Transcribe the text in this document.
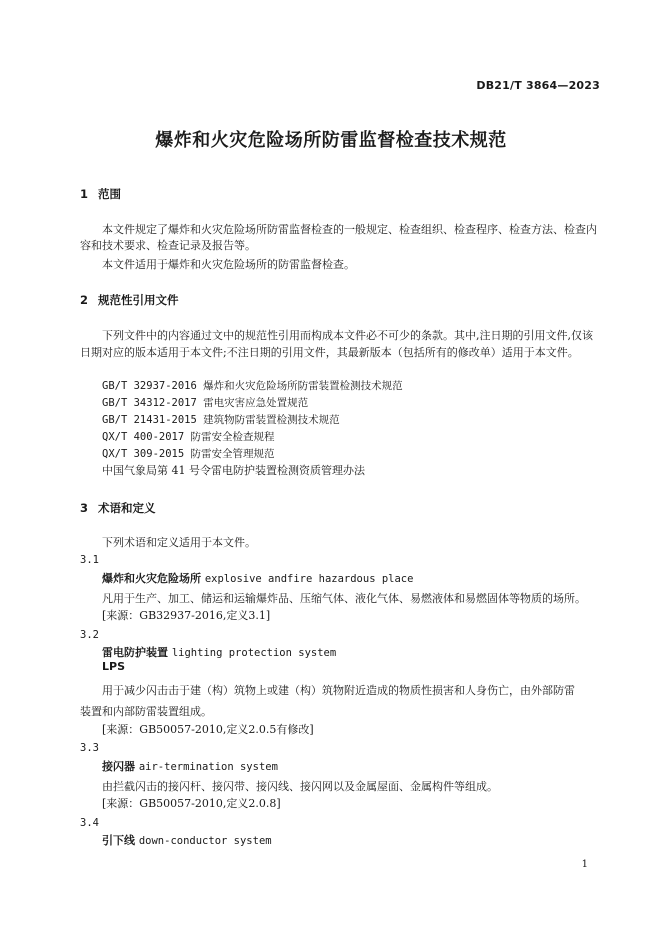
DB21/T 3864—2023
爆炸和火灾危险场所防雷监督检查技术规范
1 范围
本文件规定了爆炸和火灾危险场所防雷监督检查的一般规定、检查组织、检查程序、检查方法、检查内容和技术要求、检查记录及报告等。
本文件适用于爆炸和火灾危险场所的防雷监督检查。
2 规范性引用文件
下列文件中的内容通过文中的规范性引用而构成本文件必不可少的条款。其中,注日期的引用文件,仅该日期对应的版本适用于本文件;不注日期的引用文件，其最新版本（包括所有的修改单）适用于本文件。
GB/T 32937-2016 爆炸和火灾危险场所防雷装置检测技术规范
GB/T 34312-2017 雷电灾害应急处置规范
GB/T 21431-2015 建筑物防雷装置检测技术规范
QX/T 400-2017 防雷安全检查规程
QX/T 309-2015 防雷安全管理规范
中国气象局第 41 号令雷电防护装置检测资质管理办法
3 术语和定义
下列术语和定义适用于本文件。
3.1
爆炸和火灾危险场所 explosive andfire hazardous place
凡用于生产、加工、储运和运输爆炸品、压缩气体、液化气体、易燃液体和易燃固体等物质的场所。
[来源：GB32937-2016,定义3.1]
3.2
雷电防护装置 lighting protection system
LPS
用于减少闪击击于建（构）筑物上或建（构）筑物附近造成的物质性损害和人身伤亡，由外部防雷
装置和内部防雷装置组成。
[来源：GB50057-2010,定义2.0.5有修改]
3.3
接闪器 air-termination system
由拦截闪击的接闪杆、接闪带、接闪线、接闪网以及金属屋面、金属构件等组成。
[来源：GB50057-2010,定义2.0.8]
3.4
引下线 down-conductor system
1
